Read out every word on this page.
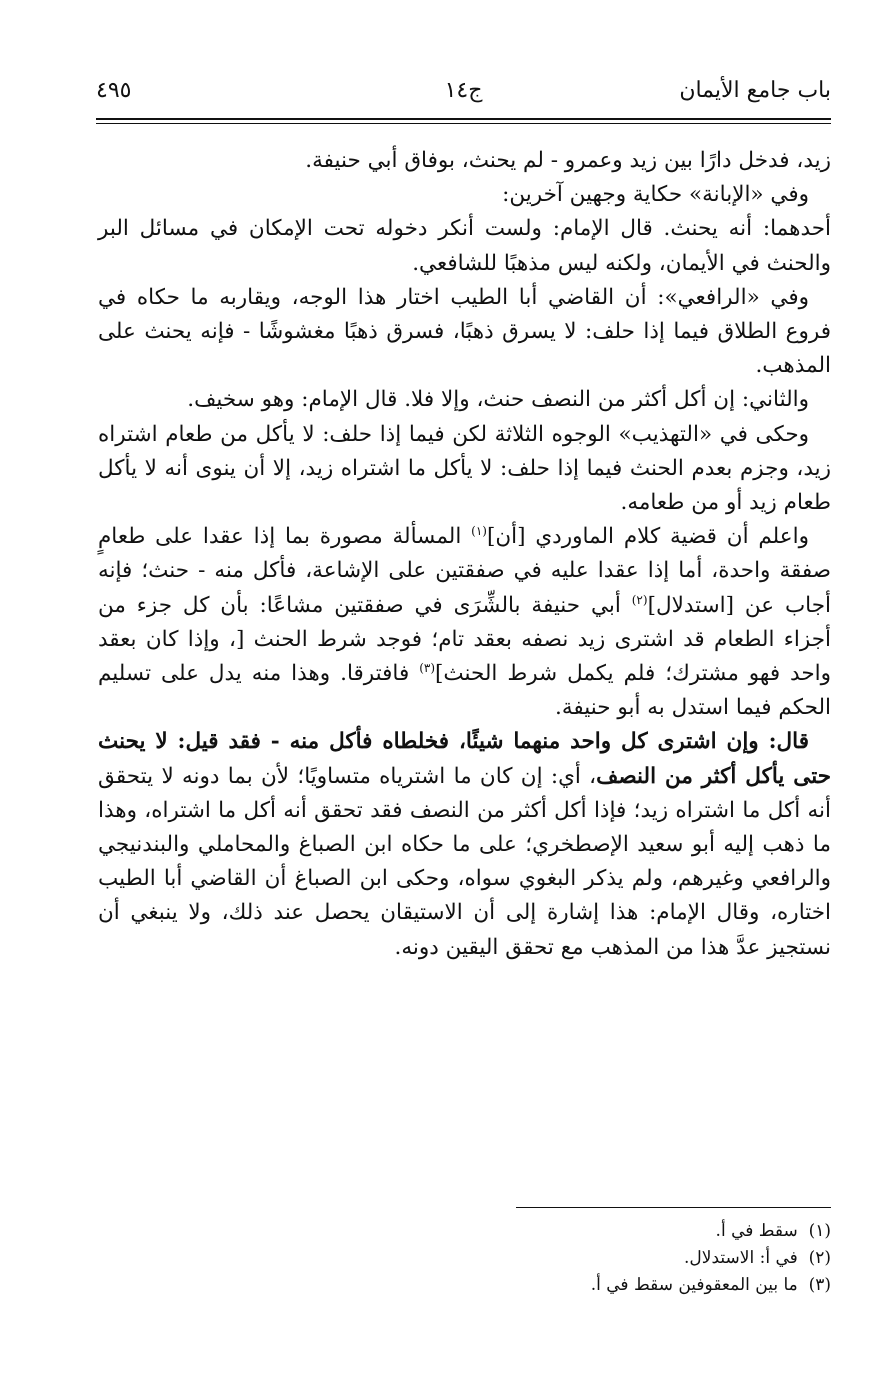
باب جامع الأيمان
ج١٤
٤٩٥

زيد، فدخل دارًا بين زيد وعمرو - لم يحنث، بوفاق أبي حنيفة.

وفي «الإبانة» حكاية وجهين آخرين:

أحدهما: أنه يحنث. قال الإمام: ولست أنكر دخوله تحت الإمكان في مسائل البر والحنث في الأيمان، ولكنه ليس مذهبًا للشافعي.

وفي «الرافعي»: أن القاضي أبا الطيب اختار هذا الوجه، ويقاربه ما حكاه في فروع الطلاق فيما إذا حلف: لا يسرق ذهبًا، فسرق ذهبًا مغشوشًا - فإنه يحنث على المذهب.

والثاني: إن أكل أكثر من النصف حنث، وإلا فلا. قال الإمام: وهو سخيف.

وحكى في «التهذيب» الوجوه الثلاثة لكن فيما إذا حلف: لا يأكل من طعام اشتراه زيد، وجزم بعدم الحنث فيما إذا حلف: لا يأكل ما اشتراه زيد، إلا أن ينوى أنه لا يأكل طعام زيد أو من طعامه.

واعلم أن قضية كلام الماوردي [أن]$^{(١)}$ المسألة مصورة بما إذا عقدا على طعامٍ صفقة واحدة، أما إذا عقدا عليه في صفقتين على الإشاعة، فأكل منه - حنث؛ فإنه أجاب عن [استدلال]$^{(٢)}$ أبي حنيفة بالشِّرَى في صفقتين مشاعًا: بأن كل جزء من أجزاء الطعام قد اشترى زيد نصفه بعقد تام؛ فوجد شرط الحنث [، وإذا كان بعقد واحد فهو مشترك؛ فلم يكمل شرط الحنث]$^{(٣)}$ فافترقا. وهذا منه يدل على تسليم الحكم فيما استدل به أبو حنيفة.

قال: وإن اشترى كل واحد منهما شيئًا، فخلطاه فأكل منه - فقد قيل: لا يحنث حتى يأكل أكثر من النصف، أي: إن كان ما اشترياه متساويًا؛ لأن بما دونه لا يتحقق أنه أكل ما اشتراه زيد؛ فإذا أكل أكثر من النصف فقد تحقق أنه أكل ما اشتراه، وهذا ما ذهب إليه أبو سعيد الإصطخري؛ على ما حكاه ابن الصباغ والمحاملي والبندنيجي والرافعي وغيرهم، ولم يذكر البغوي سواه، وحكى ابن الصباغ أن القاضي أبا الطيب اختاره، وقال الإمام: هذا إشارة إلى أن الاستيقان يحصل عند ذلك، ولا ينبغي أن نستجيز عدَّ هذا من المذهب مع تحقق اليقين دونه.

(١)  سقط في أ.
(٢)  في أ: الاستدلال.
(٣)  ما بين المعقوفين سقط في أ.
